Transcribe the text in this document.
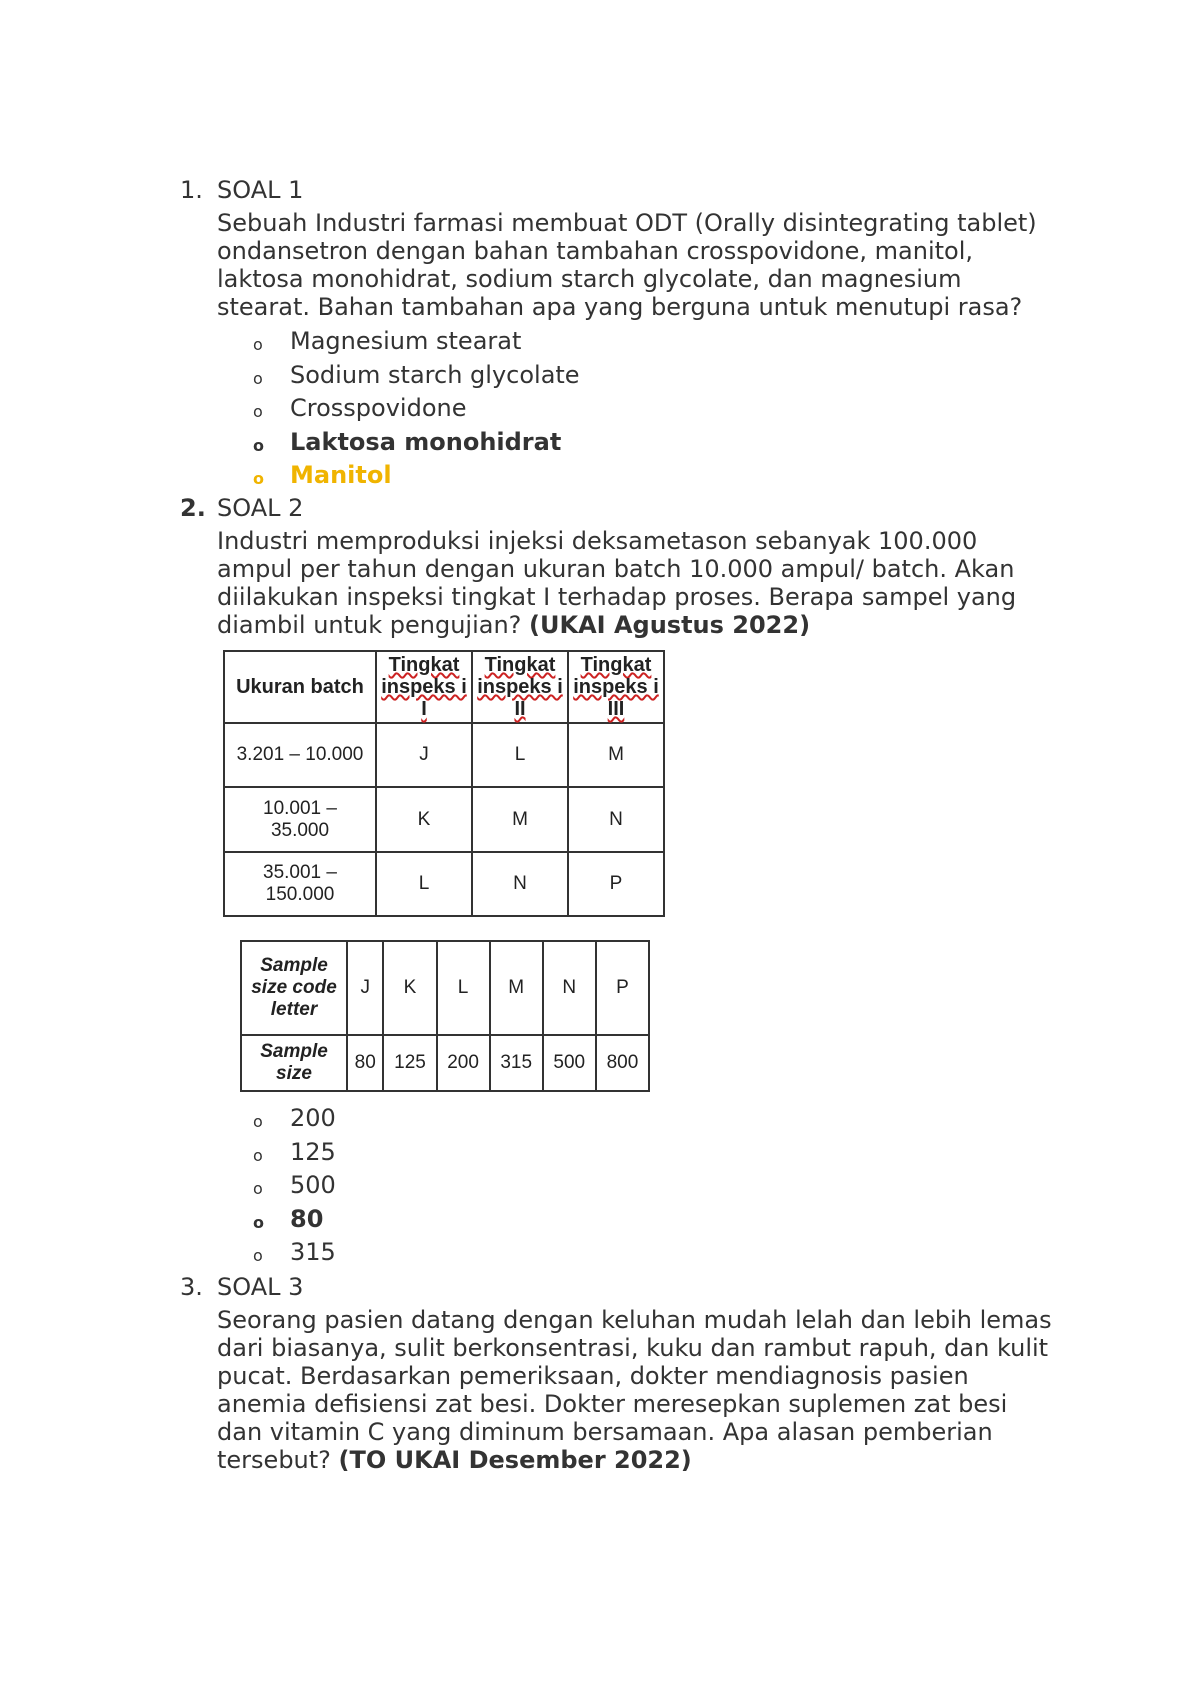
1. SOAL 1
Sebuah Industri farmasi membuat ODT (Orally disintegrating tablet) ondansetron dengan bahan tambahan crosspovidone, manitol, laktosa monohidrat, sodium starch glycolate, dan magnesium stearat. Bahan tambahan apa yang berguna untuk menutupi rasa?
o Magnesium stearat
o Sodium starch glycolate
o Crosspovidone
o Laktosa monohidrat
o Manitol
2. SOAL 2
Industri memproduksi injeksi deksametason sebanyak 100.000 ampul per tahun dengan ukuran batch 10.000 ampul/ batch. Akan diilakukan inspeksi tingkat I terhadap proses. Berapa sampel yang diambil untuk pengujian? (UKAI Agustus 2022)
Ukuran batch	Tingkat inspeks i I	Tingkat inspeks i II	Tingkat inspeks i III
3.201 – 10.000	J	L	M
10.001 – 35.000	K	M	N
35.001 – 150.000	L	N	P
Sample size code letter	J	K	L	M	N	P
Sample size	80	125	200	315	500	800
o 200
o 125
o 500
o 80
o 315
3. SOAL 3
Seorang pasien datang dengan keluhan mudah lelah dan lebih lemas dari biasanya, sulit berkonsentrasi, kuku dan rambut rapuh, dan kulit pucat. Berdasarkan pemeriksaan, dokter mendiagnosis pasien anemia defisiensi zat besi. Dokter meresepkan suplemen zat besi dan vitamin C yang diminum bersamaan. Apa alasan pemberian tersebut? (TO UKAI Desember 2022)
